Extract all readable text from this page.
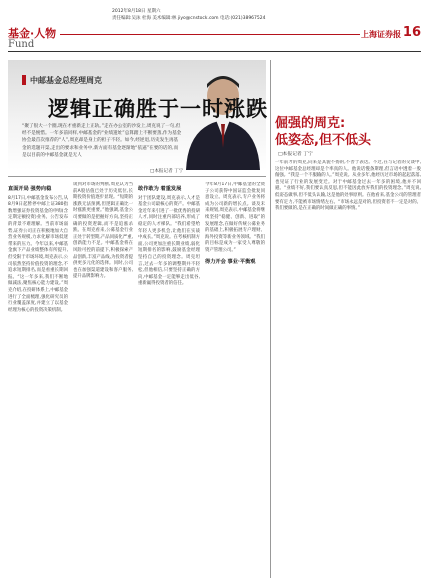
基金·人物
Fund
2012年8月18日 星期六
责任编辑:吴泳 杜海 美术编辑:林 jiyo@cnstock.com 电话:(021)38967524
上海证券报 16
中邮基金总经理周克
逻辑正确胜于一时涨跌
“聚了很大一个圈,现在才重新走上正轨。”走在办公室的沙发上,周克说了一句,但经不是惋惜。一年多前同样,中邮基金的“业绩遗址”总算踏上不断要蒸,作为基金协会最首次推荐的“人”,周克却是身上的担子不轻。如今,经逆退,历史发生再基金的选题开渠,走出的要求和业务中,新方面有基金逐渐地“依逼”在要的话的,而是以目前的中邮基金就是无人
□本报记者 丁宁
直面开局 强势向稳
8月17日,中邮基金发布公告,从8月9日起暂停中邮上证380指数增强证券投资基金的申购(含定期定额投资)业务。公告发布的背景不难理解。当前市场弱势,证券公司正在积极地加大自营业务规模,力求化解市场低迷带来的压力。今年以来,中邮基金旗下产品业绩整体有所提升,但受限于市场环境,周克表示,公司依然坚持价值投资的理念,不追求短期排名,而是看重长期回报。“这一年多来,我们不断地做减法,聚焦核心能力建设。”周克介绍,在投研体系上,中邮基金进行了全面梳理,强化研究员的行业覆盖深度,并建立了以基金经理为核心的投资决策机制。
谈到对市场的判断,周克认为当前A股估值已处于历史低位,长期投资价值逐步显现。“短期的涨跌无法预测,但逻辑正确比一时涨跌更重要。”他强调,基金公司要做的是把握好方向,坚持正确的投资逻辑,而不是追涨杀跌。在周克看来,公募基金行业正处于转型期,产品同质化严重,创新能力不足。中邮基金将在风险可控的前提下,积极探索产品创新,丰富产品线,为投资者提供更多元化的选择。同时,公司也在加强渠道建设和客户服务,提升品牌影响力。
敢作敢为 着重发展
对于团队建设,周克表示,人才是基金公司最核心的资产。中邮基金近年来引进了一批优秀的投研人才,同时注重内部培养,形成了稳定的人才梯队。“我们希望给年轻人更多机会,让他们在实战中成长。”周克说。在考核机制方面,公司更加注重长期业绩,弱化短期排名的影响,鼓励基金经理坚持自己的投资理念。周克坦言,过去一年多的调整期并不轻松,但他相信,只要坚持正确的方向,中邮基金一定能够走出低谷,重新赢得投资者的信任。
今年8月17日,中邮基金的全资子公司获得中国证监会批复同意设立。周克表示,专户业务将成为公司新的增长点。谈及未来规划,周克表示,中邮基金将继续坚持“稳健、创新、进取”的发展理念,在做好传统公募业务的基础上,积极拓展专户理财、海外投资等新业务领域。“我们的目标是成为一家受人尊敬的资产管理公司。”
得力开会 事业·平衡观
倔强的周克:
低姿态,但不低头
□本报记者 丁宁
一年前才的周克,向来是其貌不扬的,不善于表达。不过,在与记者的交谈中,这位中邮基金总经理却是个率真的人。他说话慢条斯理,但言语中透着一股倔强。“我是一个不服输的人。”周克说。从业多年,他经历过市场的起起落落,也见证了行业的发展变迁。对于中邮基金过去一年多的困境,他并不回避。“业绩不好,我们要认真反思,但不能因此放弃我们的投资理念。”周克说,低姿态做事,但不低头认输,这是他的处事原则。在他看来,基金公司的管理者要有定力,不能被市场情绪左右。“市场永远是对的,但投资者不一定是对的。我们要做的,是在正确的时间做正确的事情。”
